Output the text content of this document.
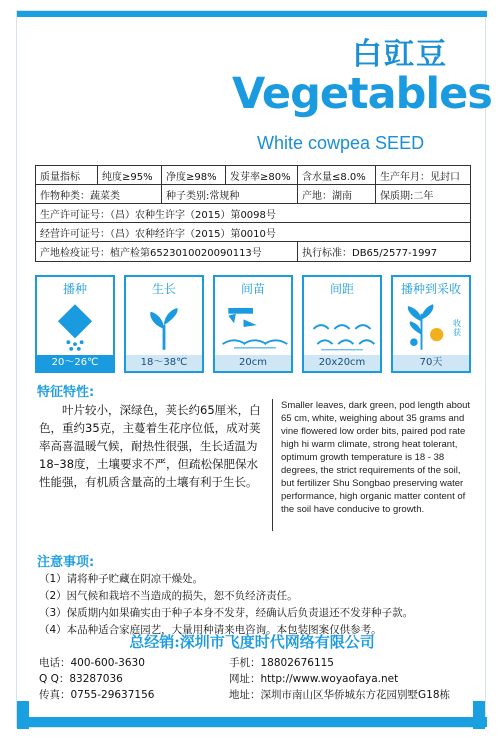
白豇豆
Vegetables
White cowpea SEED
质量指标	纯度≥95%	净度≥98%	发芽率≥80%	含水量≤8.0%	生产年月：见封口
作物种类：蔬菜类	种子类别:常规种	产地：湖南	保质期:二年
生产许可证号：（昌）农种生许字（2015）第0098号
经营许可证号：（昌）农种经许字（2015）第0010号
产地检疫证号：植产检第6523010020090113号	执行标准：DB65/2577-1997
播种
20～26℃
生长
18～38℃
间苗
20cm
间距
20x20cm
播种到采收
收获
70天
特征特性:
叶片较小，深绿色，荚长约65厘米，白色，重约35克，主蔓着生花序位低，成对荚率高喜温暖气候，耐热性很强，生长适温为18–38度，土壤要求不严，但疏松保肥保水性能强，有机质含量高的土壤有利于生长。
Smaller leaves, dark green, pod length about 65 cm, white, weighing about 35 grams and vine flowered low order bits, paired pod rate high hi warm climate, strong heat tolerant, optimum growth temperature is 18 - 38 degrees, the strict requirements of the soil, but fertilizer Shu Songbao preserving water performance, high organic matter content of the soil have conducive to growth.
注意事项:
（1）请将种子贮藏在阴凉干燥处。
（2）因气候和栽培不当造成的损失，恕不负经济责任。
（3）保质期内如果确实由于种子本身不发芽，经确认后负责退还不发芽种子款。
（4）本品种适合家庭园艺，大量用种请来电咨询。本包装图案仅供参考。
总经销:深圳市飞度时代网络有限公司
电话：400-600-3630	手机：18802676115
Q Q：83287036	网址：http://www.woyaofaya.net
传真：0755-29637156	地址：深圳市南山区华侨城东方花园别墅G18栋
